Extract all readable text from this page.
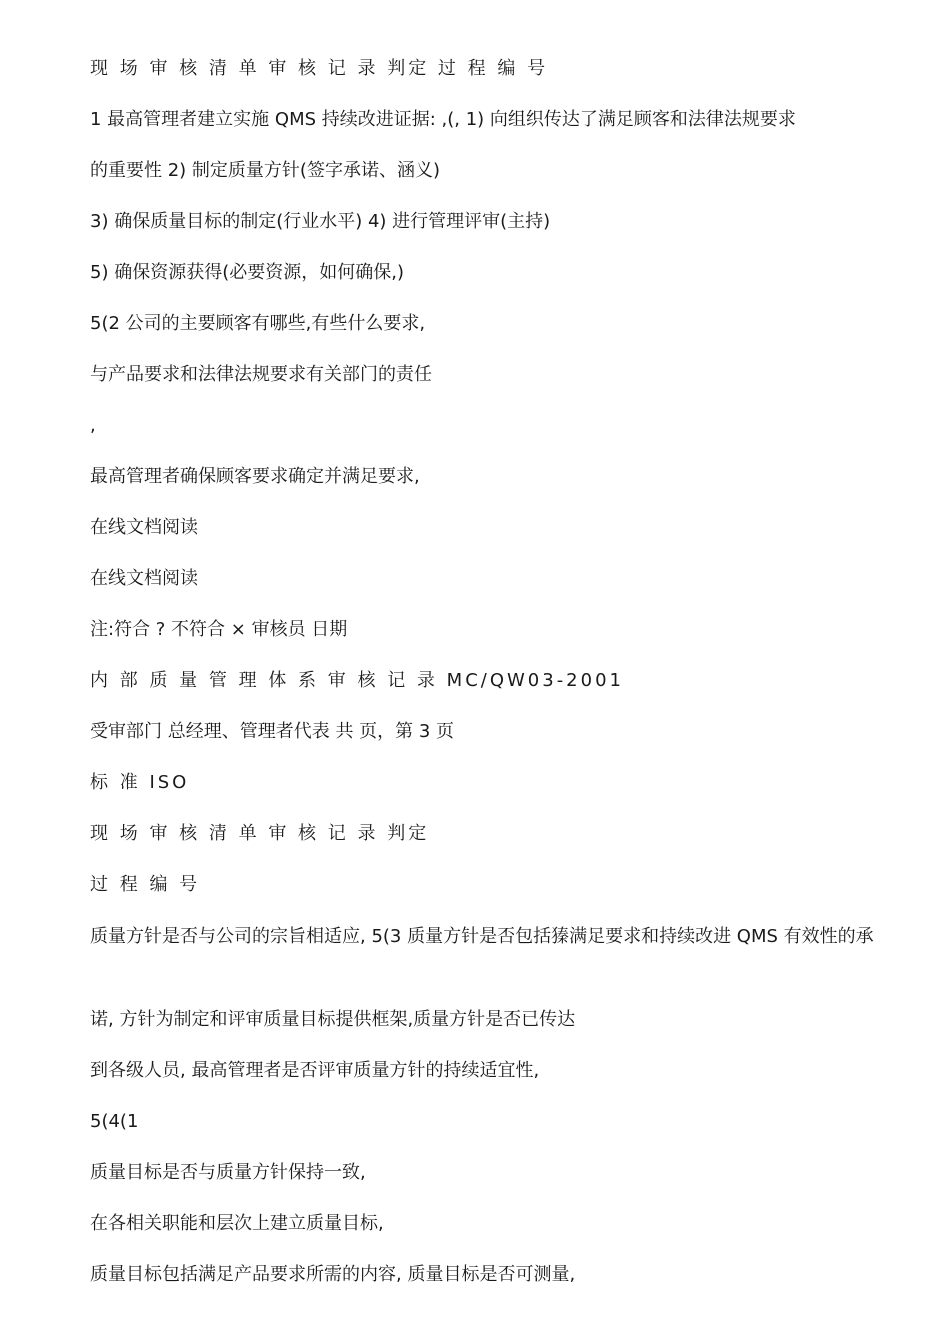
现 场 审 核 清 单 审 核 记 录 判定 过 程 编 号

1 最高管理者建立实施 QMS 持续改进证据: ,(, 1) 向组织传达了满足顾客和法律法规要求

的重要性 2) 制定质量方针(签字承诺、涵义)

3) 确保质量目标的制定(行业水平) 4) 进行管理评审(主持)

5) 确保资源获得(必要资源，如何确保,)

5(2 公司的主要顾客有哪些,有些什么要求,

与产品要求和法律法规要求有关部门的责任

,

最高管理者确保顾客要求确定并满足要求,

在线文档阅读

在线文档阅读

注:符合 ? 不符合 × 审核员 日期

内 部 质 量 管 理 体 系 审 核 记 录 MC/QW03-2001

受审部门 总经理、管理者代表 共 页，第 3 页

标 准 ISO

现 场 审 核 清 单 审 核 记 录 判定

过 程 编 号

质量方针是否与公司的宗旨相适应, 5(3 质量方针是否包括獉满足要求和持续改进 QMS 有效性的承

诺, 方针为制定和评审质量目标提供框架,质量方针是否已传达

到各级人员, 最高管理者是否评审质量方针的持续适宜性,

5(4(1

质量目标是否与质量方针保持一致,

在各相关职能和层次上建立质量目标,

质量目标包括满足产品要求所需的内容, 质量目标是否可测量,
